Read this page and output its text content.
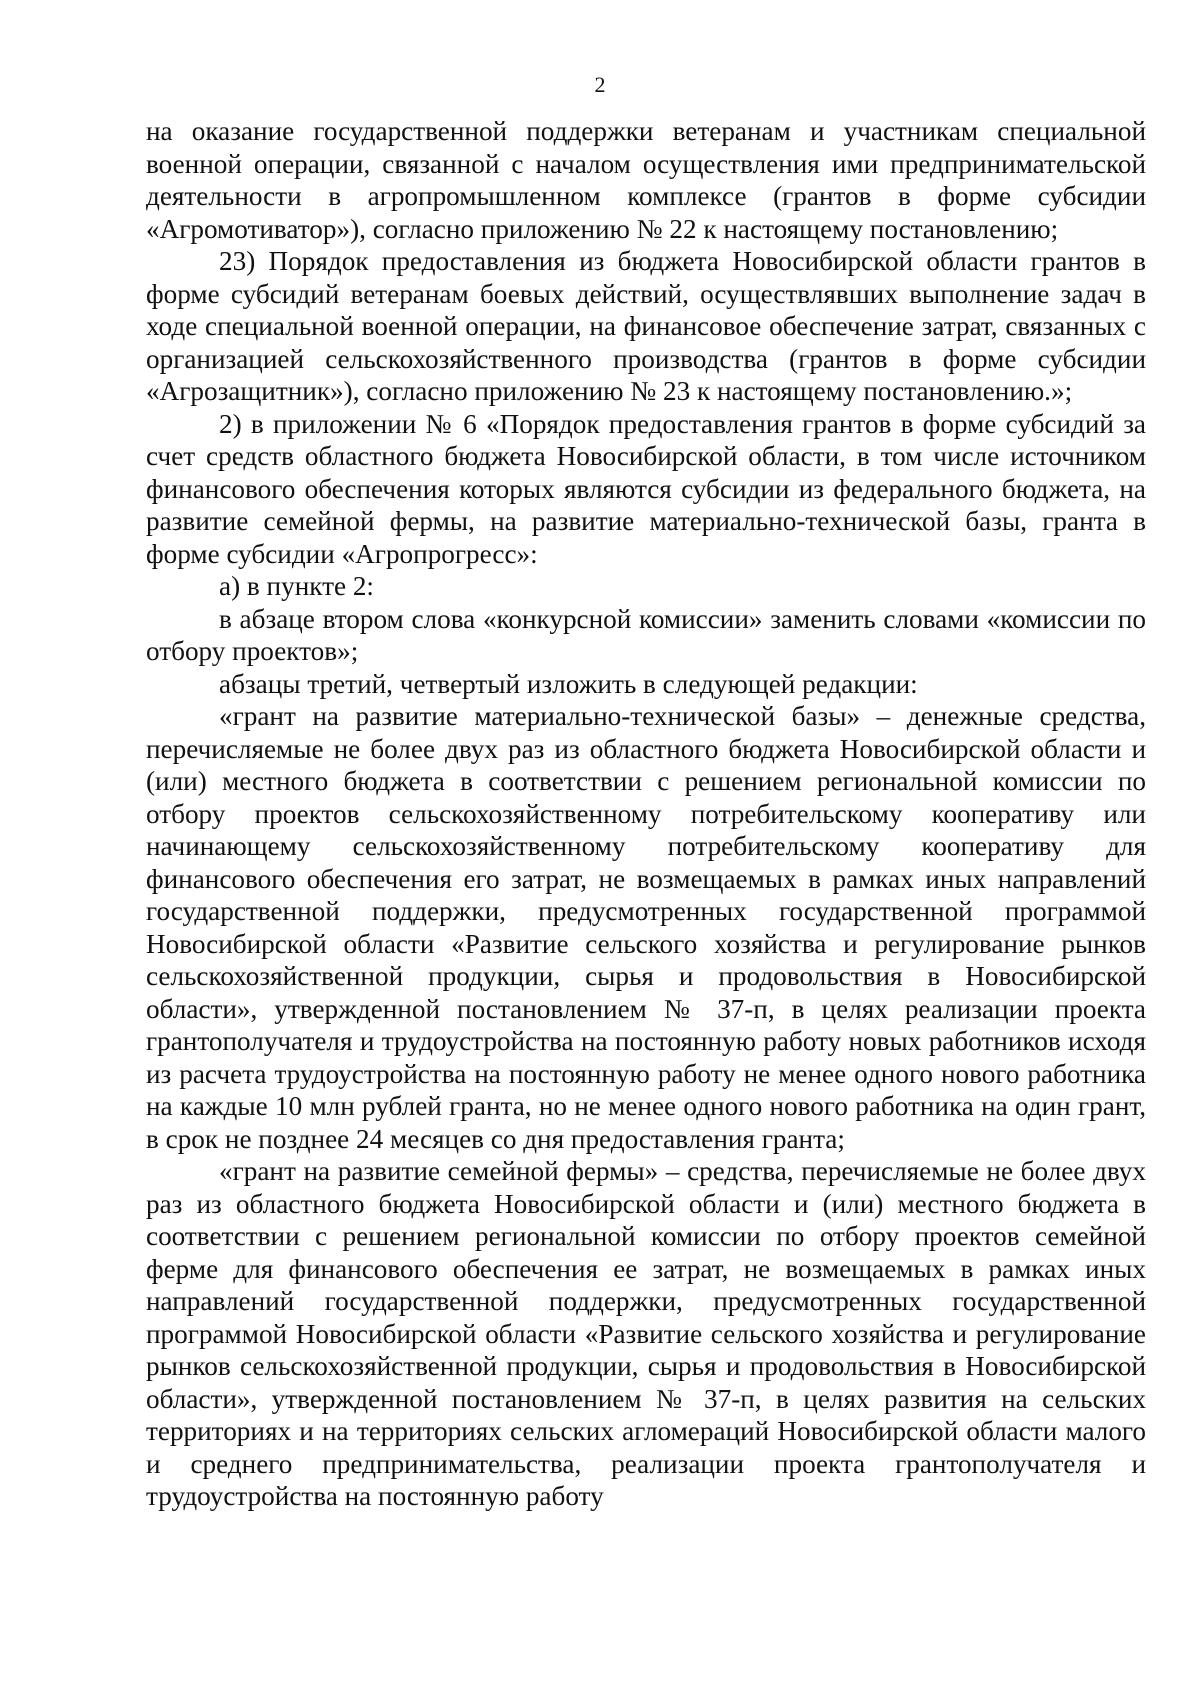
2

на оказание государственной поддержки ветеранам и участникам специальной военной операции, связанной с началом осуществления ими предпринимательской деятельности в агропромышленном комплексе (грантов в форме субсидии «Агромотиватор»), согласно приложению № 22 к настоящему постановлению;

23) Порядок предоставления из бюджета Новосибирской области грантов в форме субсидий ветеранам боевых действий, осуществлявших выполнение задач в ходе специальной военной операции, на финансовое обеспечение затрат, связанных с организацией сельскохозяйственного производства (грантов в форме субсидии «Агрозащитник»), согласно приложению № 23 к настоящему постановлению.»;

2) в приложении № 6 «Порядок предоставления грантов в форме субсидий за счет средств областного бюджета Новосибирской области, в том числе источником финансового обеспечения которых являются субсидии из федерального бюджета, на развитие семейной фермы, на развитие материально-технической базы, гранта в форме субсидии «Агропрогресс»:

а) в пункте 2:

в абзаце втором слова «конкурсной комиссии» заменить словами «комиссии по отбору проектов»;

абзацы третий, четвертый изложить в следующей редакции:

«грант на развитие материально-технической базы» – денежные средства, перечисляемые не более двух раз из областного бюджета Новосибирской области и (или) местного бюджета в соответствии с решением региональной комиссии по отбору проектов сельскохозяйственному потребительскому кооперативу или начинающему сельскохозяйственному потребительскому кооперативу для финансового обеспечения его затрат, не возмещаемых в рамках иных направлений государственной поддержки, предусмотренных государственной программой Новосибирской области «Развитие сельского хозяйства и регулирование рынков сельскохозяйственной продукции, сырья и продовольствия в Новосибирской области», утвержденной постановлением № 37-п, в целях реализации проекта грантополучателя и трудоустройства на постоянную работу новых работников исходя из расчета трудоустройства на постоянную работу не менее одного нового работника на каждые 10 млн рублей гранта, но не менее одного нового работника на один грант, в срок не позднее 24 месяцев со дня предоставления гранта;

«грант на развитие семейной фермы» – средства, перечисляемые не более двух раз из областного бюджета Новосибирской области и (или) местного бюджета в соответствии с решением региональной комиссии по отбору проектов семейной ферме для финансового обеспечения ее затрат, не возмещаемых в рамках иных направлений государственной поддержки, предусмотренных государственной программой Новосибирской области «Развитие сельского хозяйства и регулирование рынков сельскохозяйственной продукции, сырья и продовольствия в Новосибирской области», утвержденной постановлением № 37-п, в целях развития на сельских территориях и на территориях сельских агломераций Новосибирской области малого и среднего предпринимательства, реализации проекта грантополучателя и трудоустройства на постоянную работу
